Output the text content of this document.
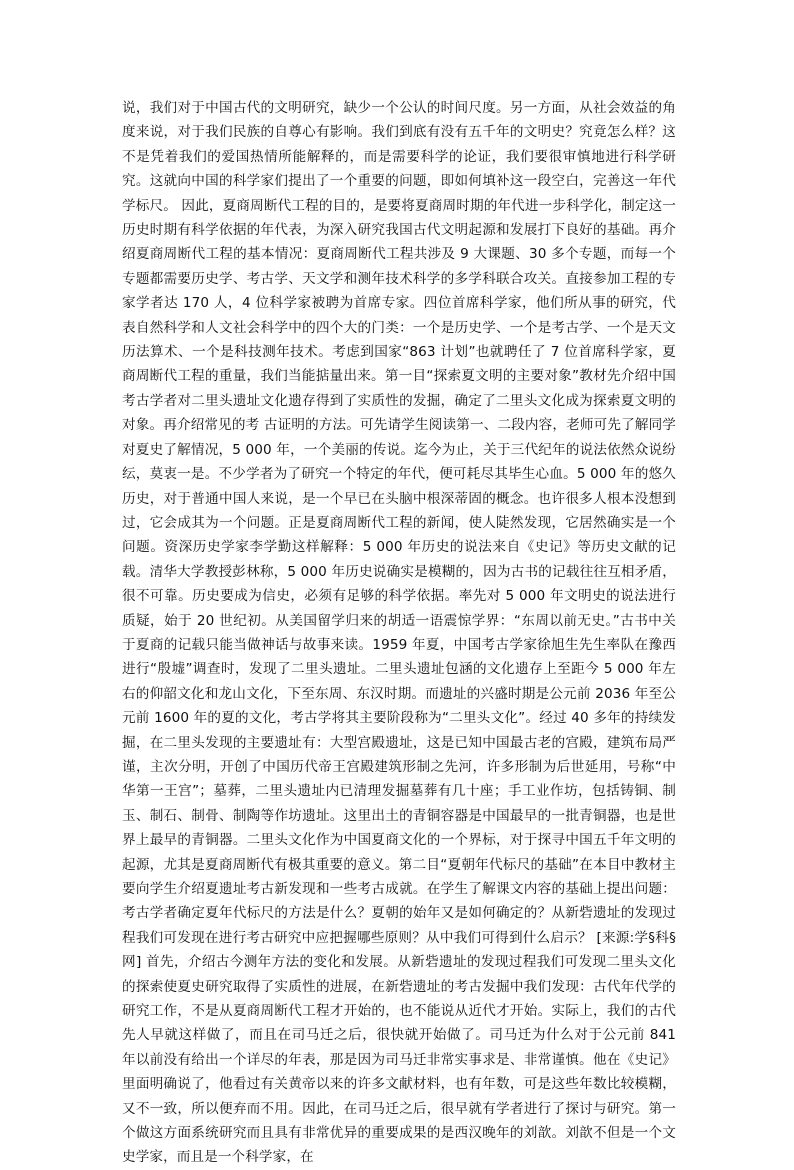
说，我们对于中国古代的文明研究，缺少一个公认的时间尺度。另一方面，从社会效益的角度来说，对于我们民族的自尊心有影响。我们到底有没有五千年的文明史？究竟怎么样？这不是凭着我们的爱国热情所能解释的，而是需要科学的论证，我们要很审慎地进行科学研究。这就向中国的科学家们提出了一个重要的问题，即如何填补这一段空白，完善这一年代学标尺。 因此，夏商周断代工程的目的，是要将夏商周时期的年代进一步科学化，制定这一历史时期有科学依据的年代表，为深入研究我国古代文明起源和发展打下良好的基础。再介绍夏商周断代工程的基本情况：夏商周断代工程共涉及 9 大课题、30 多个专题，而每一个专题都需要历史学、考古学、天文学和测年技术科学的多学科联合攻关。直接参加工程的专家学者达 170 人，4 位科学家被聘为首席专家。四位首席科学家，他们所从事的研究，代表自然科学和人文社会科学中的四个大的门类：一个是历史学、一个是考古学、一个是天文历法算术、一个是科技测年技术。考虑到国家“863 计划”也就聘任了 7 位首席科学家，夏商周断代工程的重量，我们当能掂量出来。第一目“探索夏文明的主要对象”教材先介绍中国考古学者对二里头遗址文化遗存得到了实质性的发掘，确定了二里头文化成为探索夏文明的对象。再介绍常见的考 古证明的方法。可先请学生阅读第一、二段内容，老师可先了解同学对夏史了解情况，5 000 年，一个美丽的传说。迄今为止，关于三代纪年的说法依然众说纷纭，莫衷一是。不少学者为了研究一个特定的年代，便可耗尽其毕生心血。5 000 年的悠久历史，对于普通中国人来说，是一个早已在头脑中根深蒂固的概念。也许很多人根本没想到过，它会成其为一个问题。正是夏商周断代工程的新闻，使人陡然发现，它居然确实是一个问题。资深历史学家李学勤这样解释：5 000 年历史的说法来自《史记》等历史文献的记载。清华大学教授彭林称，5 000 年历史说确实是模糊的，因为古书的记载往往互相矛盾，很不可靠。历史要成为信史，必须有足够的科学依据。率先对 5 000 年文明史的说法进行质疑，始于 20 世纪初。从美国留学归来的胡适一语震惊学界：“东周以前无史。”古书中关于夏商的记载只能当做神话与故事来读。1959 年夏，中国考古学家徐旭生先生率队在豫西进行“殷墟”调查时，发现了二里头遗址。二里头遗址包涵的文化遗存上至距今 5 000 年左右的仰韶文化和龙山文化，下至东周、东汉时期。而遗址的兴盛时期是公元前 2036 年至公元前 1600 年的夏的文化，考古学将其主要阶段称为“二里头文化”。经过 40 多年的持续发掘，在二里头发现的主要遗址有：大型宫殿遗址，这是已知中国最古老的宫殿，建筑布局严谨，主次分明，开创了中国历代帝王宫殿建筑形制之先河，许多形制为后世延用，号称“中华第一王宫”；墓葬，二里头遗址内已清理发掘墓葬有几十座；手工业作坊，包括铸铜、制玉、制石、制骨、制陶等作坊遗址。这里出土的青铜容器是中国最早的一批青铜器，也是世界上最早的青铜器。二里头文化作为中国夏商文化的一个界标，对于探寻中国五千年文明的起源，尤其是夏商周断代有极其重要的意义。第二目“夏朝年代标尺的基础”在本目中教材主要向学生介绍夏遗址考古新发现和一些考古成就。在学生了解课文内容的基础上提出问题：考古学者确定夏年代标尺的方法是什么？夏朝的始年又是如何确定的？从新砦遗址的发现过程我们可发现在进行考古研究中应把握哪些原则？从中我们可得到什么启示？ [来源:学§科§网] 首先，介绍古今测年方法的变化和发展。从新砦遗址的发现过程我们可发现二里头文化的探索使夏史研究取得了实质性的进展，在新砦遗址的考古发掘中我们发现：古代年代学的研究工作，不是从夏商周断代工程才开始的，也不能说从近代才开始。实际上，我们的古代先人早就这样做了，而且在司马迁之后，很快就开始做了。司马迁为什么对于公元前 841 年以前没有给出一个详尽的年表，那是因为司马迁非常实事求是、非常谨慎。他在《史记》里面明确说了，他看过有关黄帝以来的许多文献材料，也有年数，可是这些年数比较模糊，又不一致，所以便弃而不用。因此，在司马迁之后，很早就有学者进行了探讨与研究。第一个做这方面系统研究而且具有非常优异的重要成果的是西汉晚年的刘歆。刘歆不但是一个文史学家，而且是一个科学家，在
